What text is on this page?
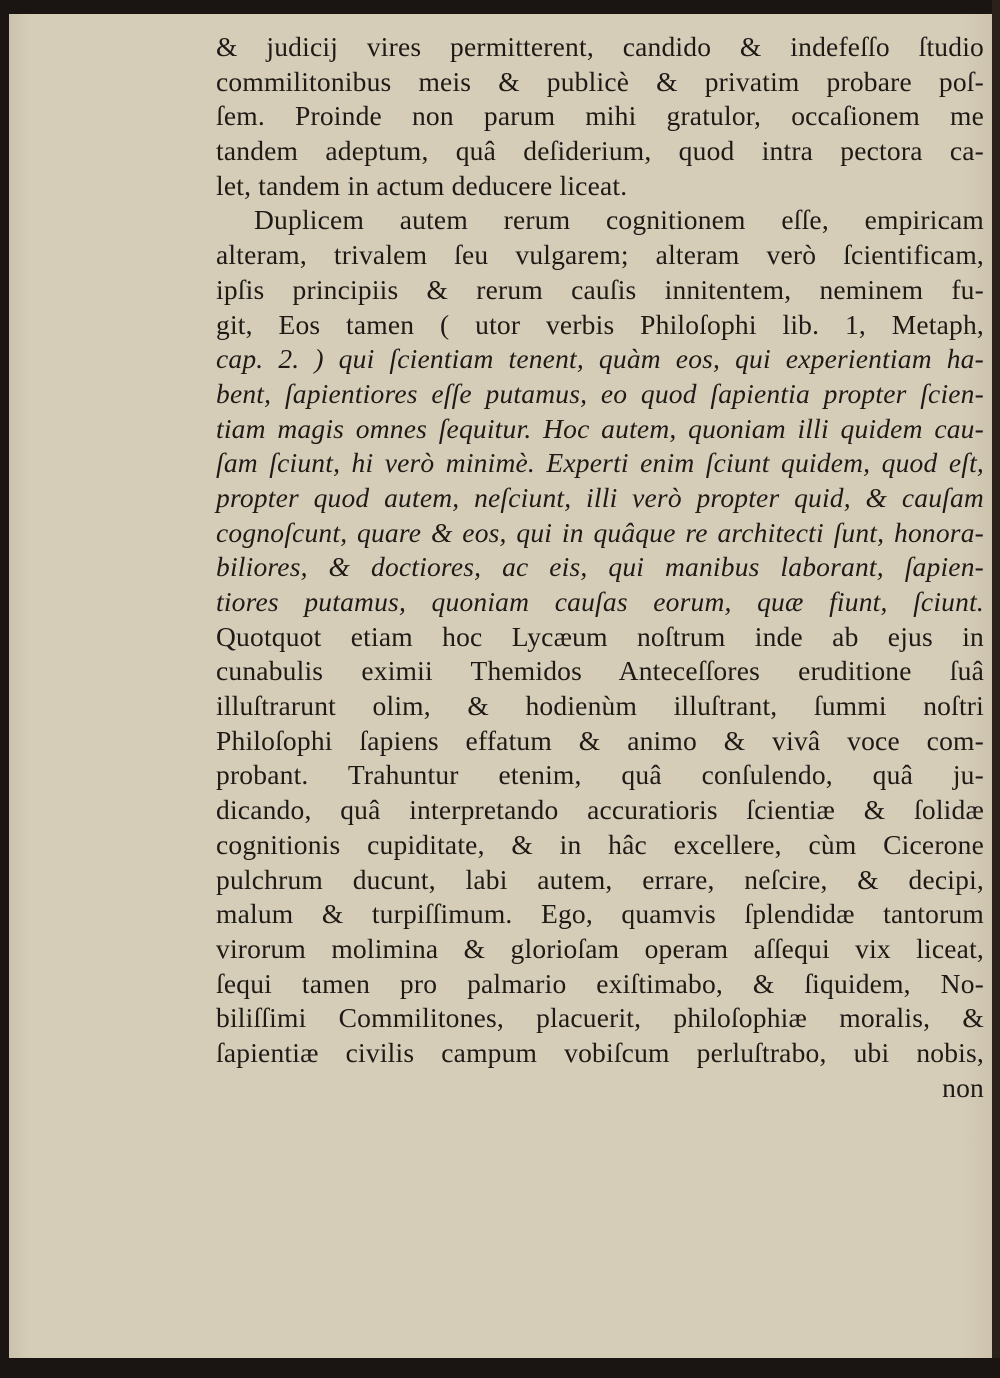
& judicij vires permitterent, candido & indefeſſo ſtudio
commilitonibus meis & publicè & privatim probare poſ-
ſem. Proinde non parum mihi gratulor, occaſionem me
tandem adeptum, quâ deſiderium, quod intra pectora ca-
let, tandem in actum deducere liceat.
Duplicem autem rerum cognitionem eſſe, empiricam
alteram, trivalem ſeu vulgarem; alteram verò ſcientificam,
ipſis principiis & rerum cauſis innitentem, neminem fu-
git, Eos tamen ( utor verbis Philoſophi lib. 1, Metaph,
cap. 2. ) qui ſcientiam tenent, quàm eos, qui experientiam ha-
bent, ſapientiores eſſe putamus, eo quod ſapientia propter ſcien-
tiam magis omnes ſequitur. Hoc autem, quoniam illi quidem cau-
ſam ſciunt, hi verò minimè. Experti enim ſciunt quidem, quod eſt,
propter quod autem, neſciunt, illi verò propter quid, & cauſam
cognoſcunt, quare & eos, qui in quâque re architecti ſunt, honora-
biliores, & doctiores, ac eis, qui manibus laborant, ſapien-
tiores putamus, quoniam cauſas eorum, quæ fiunt, ſciunt.
Quotquot etiam hoc Lycæum noſtrum inde ab ejus in
cunabulis eximii Themidos Anteceſſores eruditione ſuâ
illuſtrarunt olim, & hodienùm illuſtrant, ſummi noſtri
Philoſophi ſapiens effatum & animo & vivâ voce com-
probant. Trahuntur etenim, quâ conſulendo, quâ ju-
dicando, quâ interpretando accuratioris ſcientiæ & ſolidæ
cognitionis cupiditate, & in hâc excellere, cùm Cicerone
pulchrum ducunt, labi autem, errare, neſcire, & decipi,
malum & turpiſſimum. Ego, quamvis ſplendidæ tantorum
virorum molimina & glorioſam operam aſſequi vix liceat,
ſequi tamen pro palmario exiſtimabo, & ſiquidem, No-
biliſſimi Commilitones, placuerit, philoſophiæ moralis, &
ſapientiæ civilis campum vobiſcum perluſtrabo, ubi nobis,
non
